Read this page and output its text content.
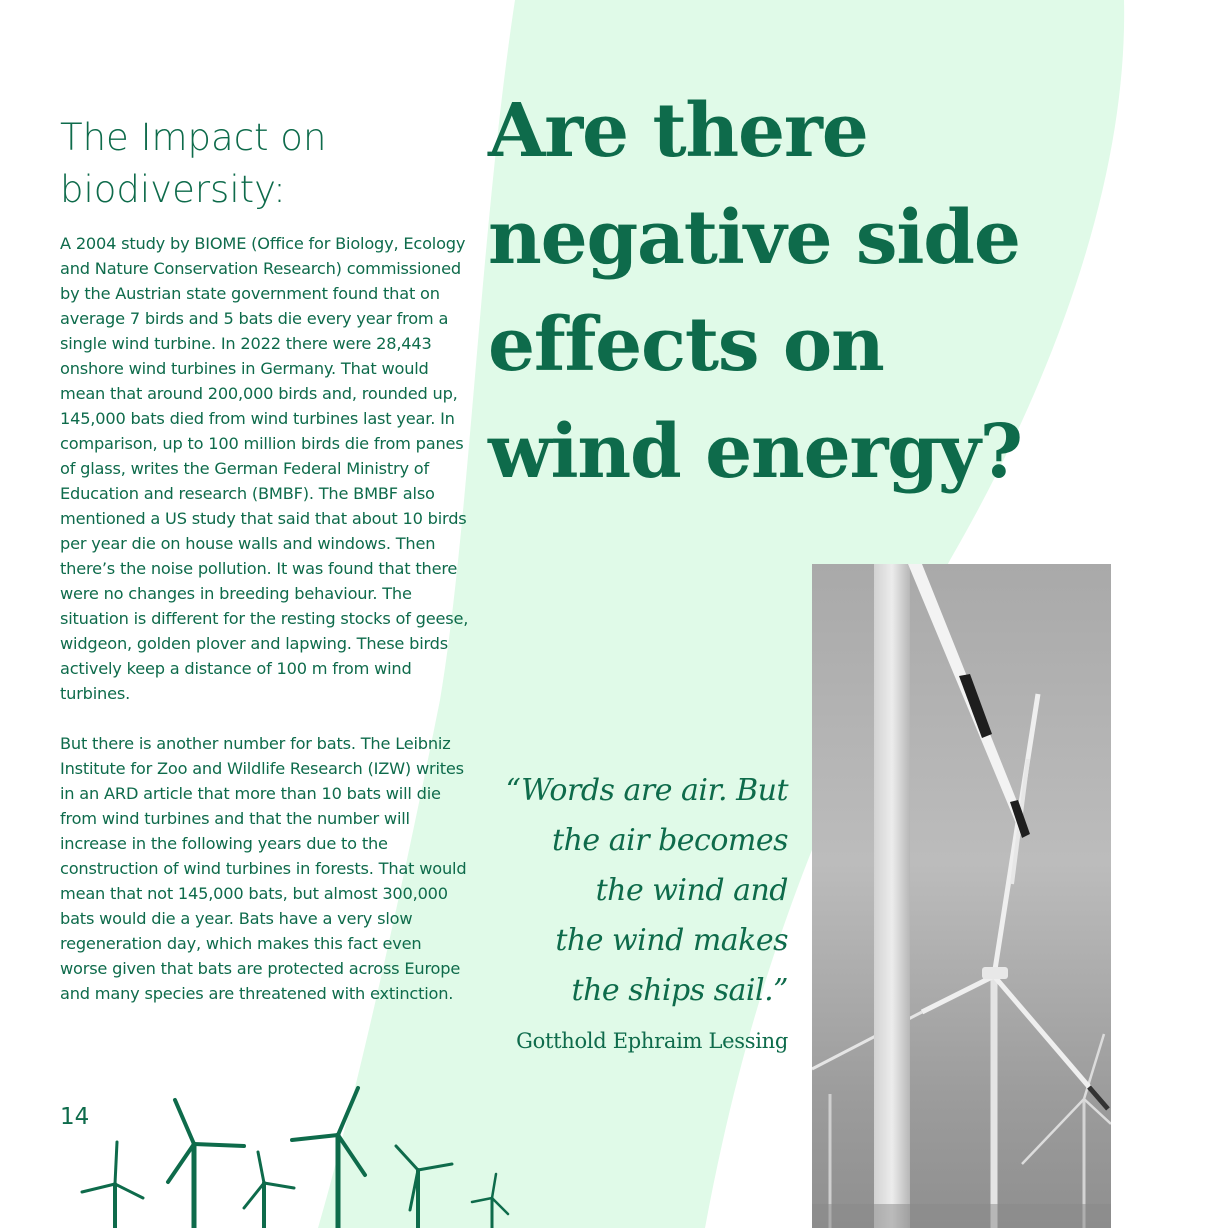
The Impact on
biodiversity:

A 2004 study by BIOME (Office for Biology, Ecology and Nature Conservation Research) commissioned by the Austrian state government found that on average 7 birds and 5 bats die every year from a single wind turbine. In 2022 there were 28,443 onshore wind turbines in Germany. That would mean that around 200,000 birds and, rounded up, 145,000 bats died from wind turbines last year. In comparison, up to 100 million birds die from panes of glass, writes the German Federal Ministry of Education and research (BMBF). The BMBF also mentioned a US study that said that about 10 birds per year die on house walls and windows. Then there’s the noise pollution. It was found that there were no changes in breeding behaviour. The situation is different for the resting stocks of geese, widgeon, golden plover and lapwing. These birds actively keep a distance of 100 m from wind turbines.

But there is another number for bats. The Leibniz Institute for Zoo and Wildlife Research (IZW) writes in an ARD article that more than 10 bats will die from wind turbines and that the number will increase in the following years due to the construction of wind turbines in forests. That would mean that not 145,000 bats, but almost 300,000 bats would die a year. Bats have a very slow regeneration day, which makes this fact even worse given that bats are protected across Europe and many species are threatened with extinction.

Are there
negative side
effects on
wind energy?
“Words are air. But
the air becomes
the wind and
the wind makes
the ships sail.”
Gotthold Ephraim Lessing
14
